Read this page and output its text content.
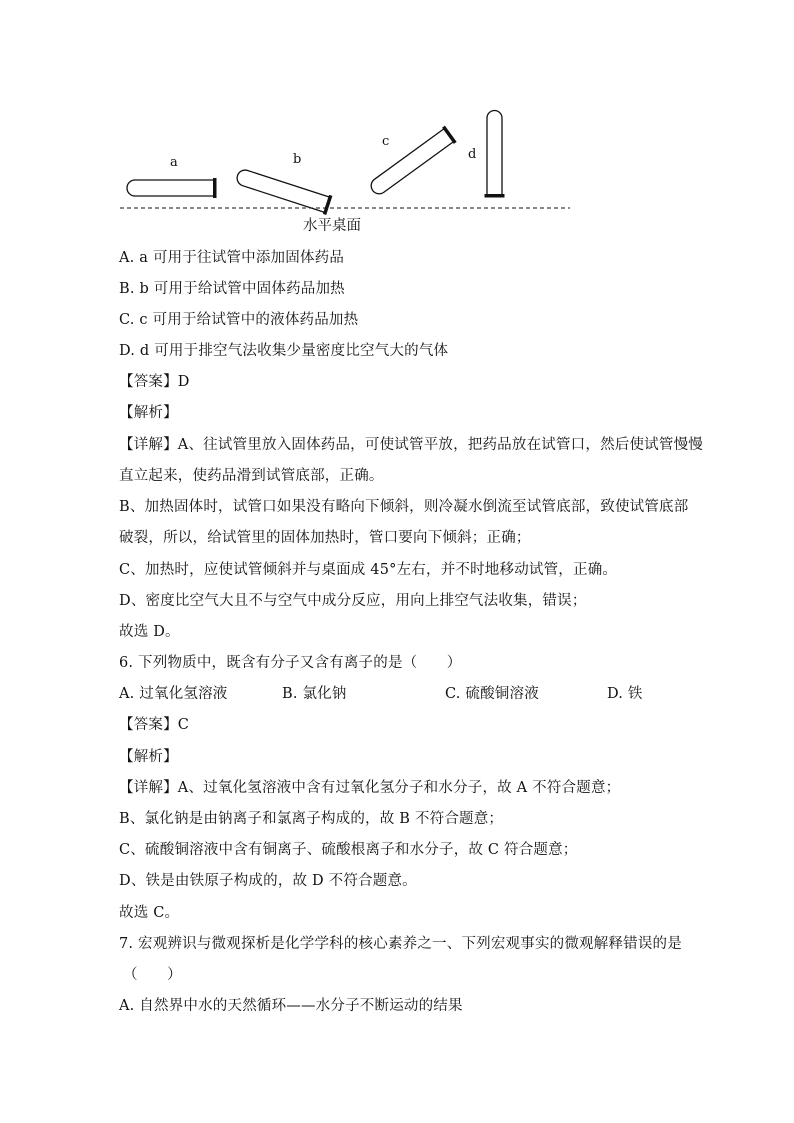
a	b
c
d
水平桌面
A. a 可用于往试管中添加固体药品
B. b 可用于给试管中固体药品加热
C. c 可用于给试管中的液体药品加热
D. d 可用于排空气法收集少量密度比空气大的气体
【答案】D
【解析】
【详解】A、往试管里放入固体药品，可使试管平放，把药品放在试管口，然后使试管慢慢
直立起来，使药品滑到试管底部，正确。
B、加热固体时，试管口如果没有略向下倾斜，则冷凝水倒流至试管底部，致使试管底部
破裂，所以，给试管里的固体加热时，管口要向下倾斜；正确；
C、加热时，应使试管倾斜并与桌面成 45°左右，并不时地移动试管，正确。
D、密度比空气大且不与空气中成分反应，用向上排空气法收集，错误；
故选 D。
6. 下列物质中，既含有分子又含有离子的是（　　）
A. 过氧化氢溶液	B. 氯化钠	C. 硫酸铜溶液	D. 铁
【答案】C
【解析】
【详解】A、过氧化氢溶液中含有过氧化氢分子和水分子，故 A 不符合题意；
B、氯化钠是由钠离子和氯离子构成的，故 B 不符合题意；
C、硫酸铜溶液中含有铜离子、硫酸根离子和水分子，故 C 符合题意；
D、铁是由铁原子构成的，故 D 不符合题意。
故选 C。
7. 宏观辨识与微观探析是化学学科的核心素养之一、下列宏观事实的微观解释错误的是
（　　）
A. 自然界中水的天然循环——水分子不断运动的结果
